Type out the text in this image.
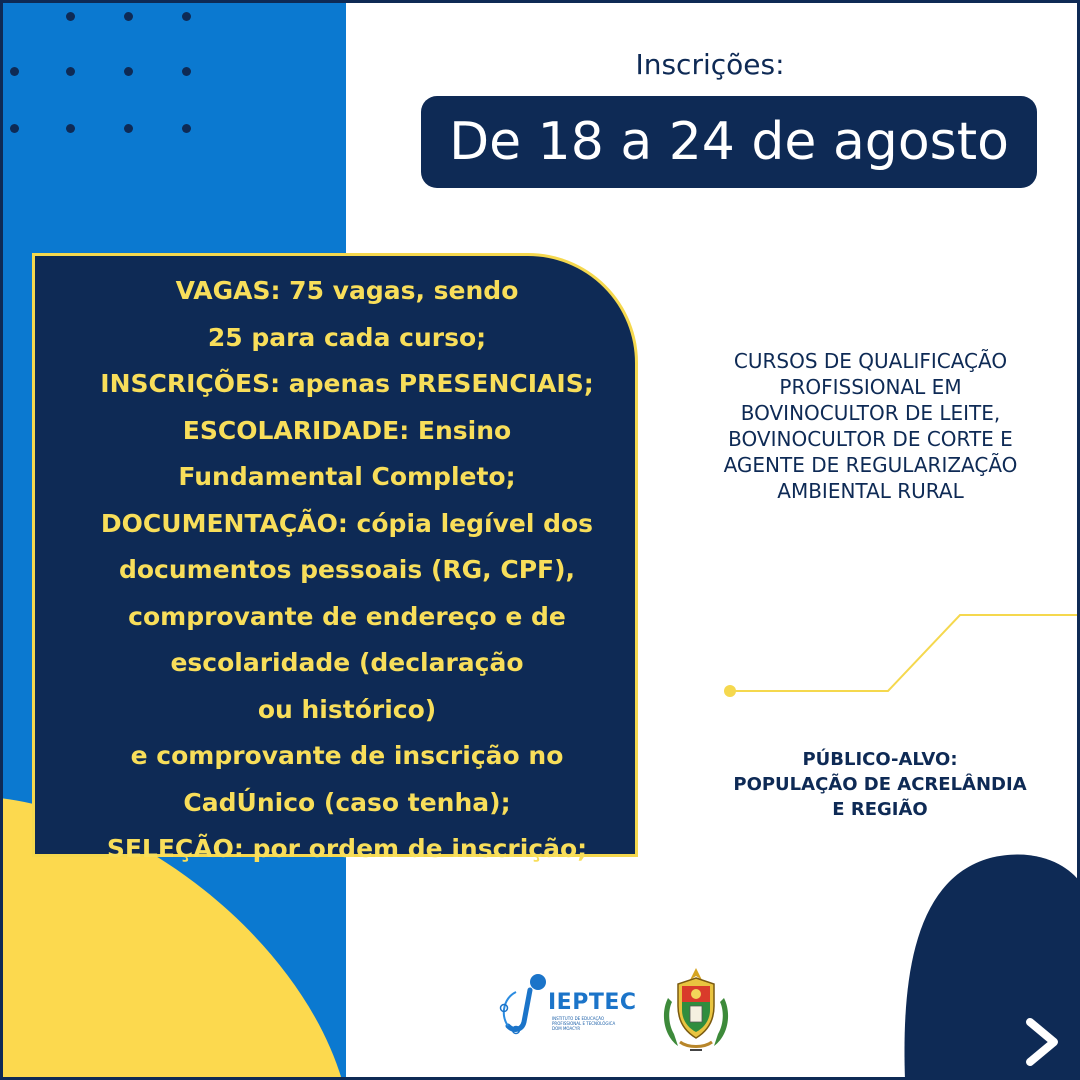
Inscrições:
De 18 a 24 de agosto
VAGAS: 75 vagas, sendo
25 para cada curso;
INSCRIÇÕES: apenas PRESENCIAIS;
ESCOLARIDADE: Ensino
Fundamental Completo;
DOCUMENTAÇÃO: cópia legível dos
documentos pessoais (RG, CPF),
comprovante de endereço e de
escolaridade (declaração
ou histórico)
e comprovante de inscrição no
CadÚnico (caso tenha);
SELEÇÃO: por ordem de inscrição;
CURSOS DE QUALIFICAÇÃO
PROFISSIONAL EM
BOVINOCULTOR DE LEITE,
BOVINOCULTOR DE CORTE E
AGENTE DE REGULARIZAÇÃO
AMBIENTAL RURAL
PÚBLICO-ALVO:
POPULAÇÃO DE ACRELÂNDIA
E REGIÃO
IEPTEC
INSTITUTO DE EDUCAÇÃO PROFISSIONAL E TECNOLÓGICA DOM MOACYR
